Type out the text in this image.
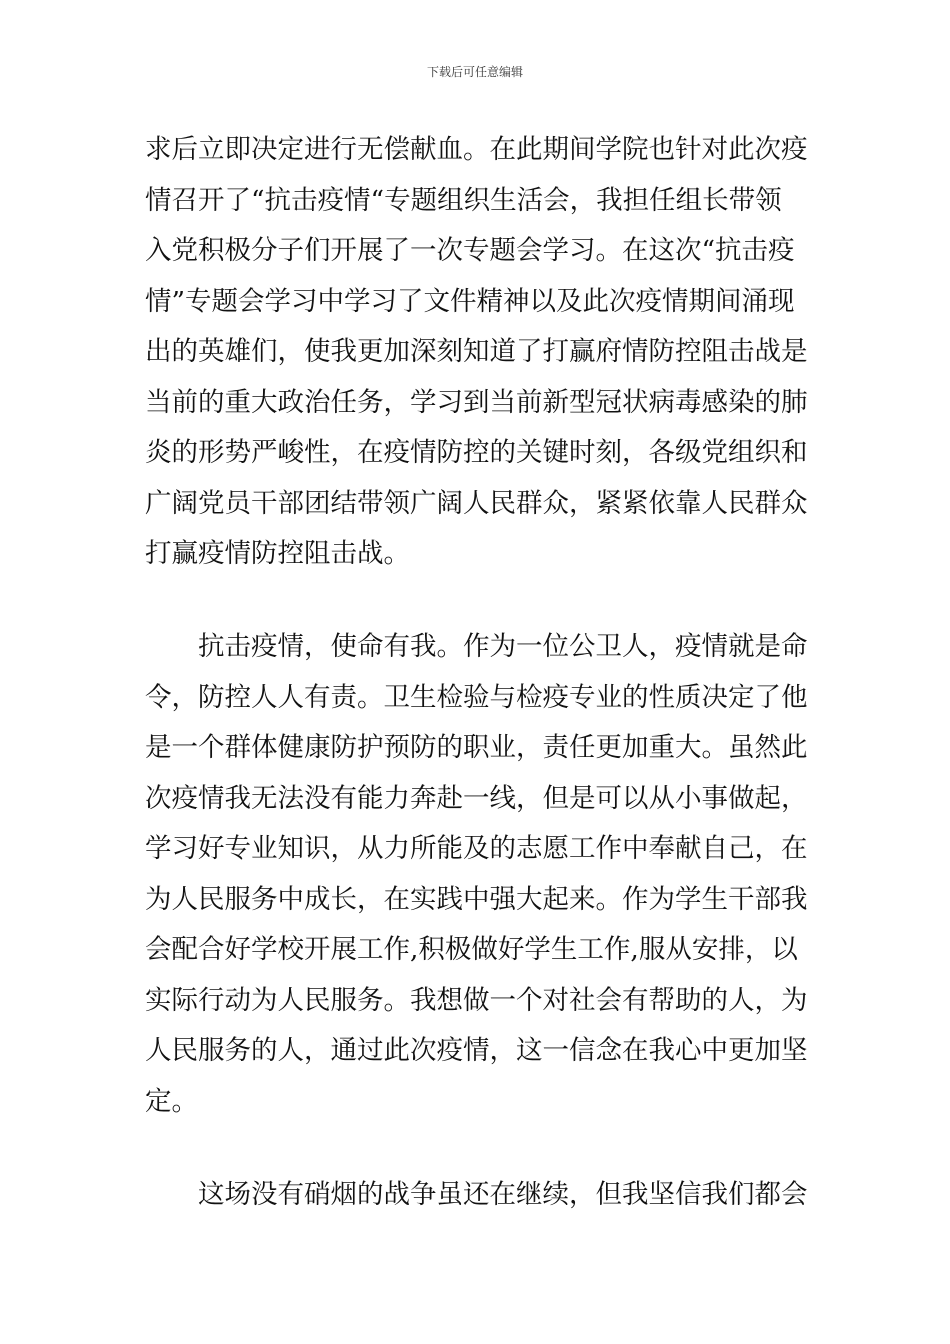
下载后可任意编辑

求后立即决定进行无偿献血。在此期间学院也针对此次疫
情召开了“抗击疫情“专题组织生活会，我担任组长带领
入党积极分子们开展了一次专题会学习。在这次“抗击疫
情”专题会学习中学习了文件精神以及此次疫情期间涌现
出的英雄们，使我更加深刻知道了打赢府情防控阻击战是
当前的重大政治任务，学习到当前新型冠状病毒感染的肺
炎的形势严峻性，在疫情防控的关键时刻，各级党组织和
广阔党员干部团结带领广阔人民群众，紧紧依靠人民群众
打赢疫情防控阻击战。

抗击疫情，使命有我。作为一位公卫人，疫情就是命
令，防控人人有责。卫生检验与检疫专业的性质决定了他
是一个群体健康防护预防的职业，责任更加重大。虽然此
次疫情我无法没有能力奔赴一线，但是可以从小事做起，
学习好专业知识，从力所能及的志愿工作中奉献自己，在
为人民服务中成长，在实践中强大起来。作为学生干部我
会配合好学校开展工作,积极做好学生工作,服从安排，以
实际行动为人民服务。我想做一个对社会有帮助的人，为
人民服务的人，通过此次疫情，这一信念在我心中更加坚
定。

这场没有硝烟的战争虽还在继续，但我坚信我们都会
